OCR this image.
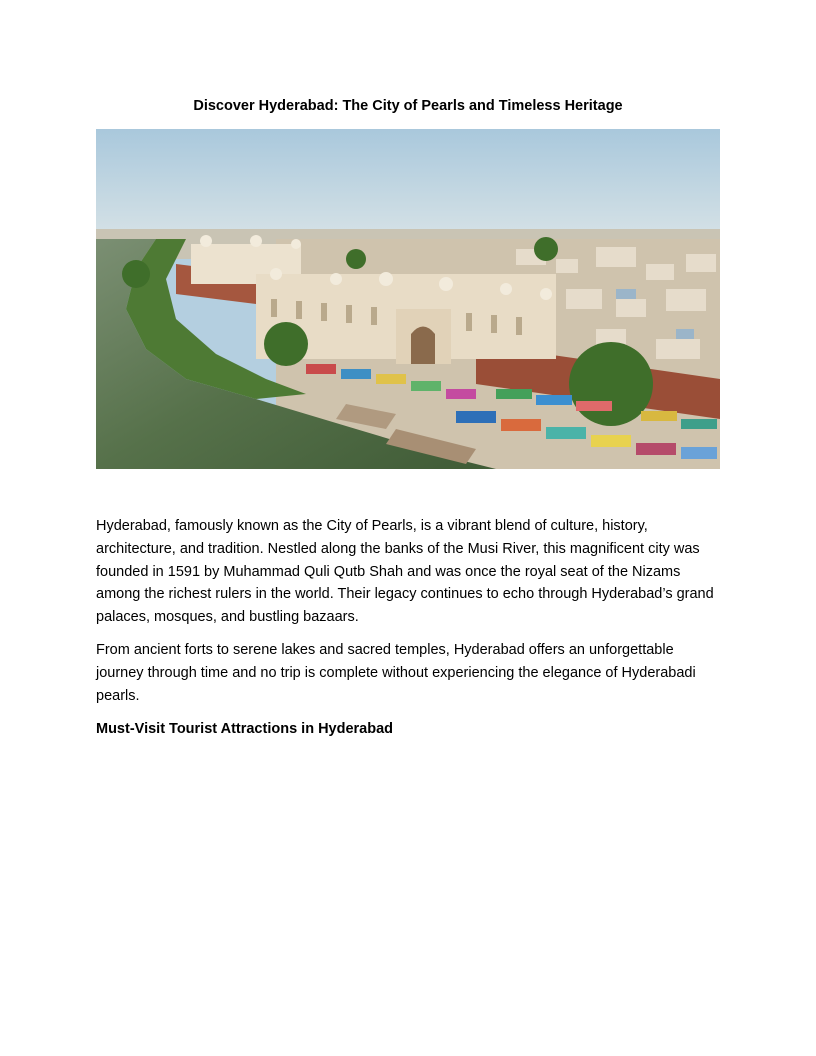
Discover Hyderabad: The City of Pearls and Timeless Heritage

Hyderabad, famously known as the City of Pearls, is a vibrant blend of culture, history, architecture, and tradition. Nestled along the banks of the Musi River, this magnificent city was founded in 1591 by Muhammad Quli Qutb Shah and was once the royal seat of the Nizams among the richest rulers in the world. Their legacy continues to echo through Hyderabad’s grand palaces, mosques, and bustling bazaars.

From ancient forts to serene lakes and sacred temples, Hyderabad offers an unforgettable journey through time and no trip is complete without experiencing the elegance of Hyderabadi pearls.

Must-Visit Tourist Attractions in Hyderabad
